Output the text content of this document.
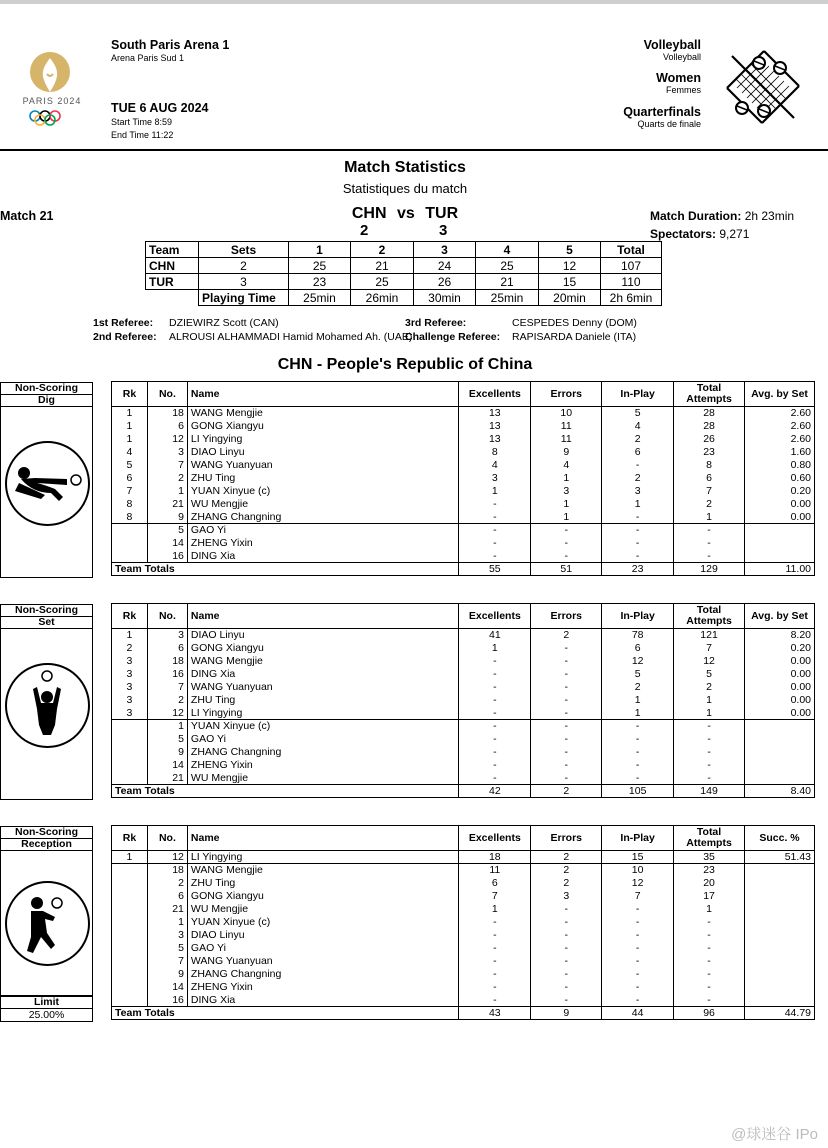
PARIS 2024
South Paris Arena 1
Arena Paris Sud 1
TUE 6 AUG 2024
Start Time 8:59
End Time 11:22
Volleyball
Volleyball
Women
Femmes
Quarterfinals
Quarts de finale
Match Statistics
Statistiques du match
Match 21	CHN vs TUR
2	3
Match Duration: 2h 23min
Spectators: 9,271
Team	Sets	1	2	3	4	5	Total
CHN	2	25	21	24	25	12	107
TUR	3	23	25	26	21	15	110
	Playing Time	25min	26min	30min	25min	20min	2h 6min
1st Referee: DZIEWIRZ Scott (CAN)
2nd Referee: ALROUSI ALHAMMADI Hamid Mohamed Ah. (UAE)
3rd Referee:	CESPEDES Denny (DOM)
Challenge Referee: RAPISARDA Daniele (ITA)
CHN - People's Republic of China
Non-Scoring
Dig	Rk	No.	Name	Excellents	Errors	In-Play	Total Attempts	Avg. by Set
1	18	WANG Mengjie	13	10	5	28	2.60
1	6	GONG Xiangyu	13	11	4	28	2.60
1	12	LI Yingying	13	11	2	26	2.60
4	3	DIAO Linyu	8	9	6	23	1.60
5	7	WANG Yuanyuan	4	4	-	8	0.80
6	2	ZHU Ting	3	1	2	6	0.60
7	1	YUAN Xinyue (c)	1	3	3	7	0.20
8	21	WU Mengjie	-	1	1	2	0.00
8	9	ZHANG Changning	-	1	-	1	0.00
	5	GAO Yi	-	-	-	-	
	14	ZHENG Yixin	-	-	-	-	
	16	DING Xia	-	-	-	-	
Team Totals			55	51	23	129	11.00
Non-Scoring
Set	Rk	No.	Name	Excellents	Errors	In-Play	Total Attempts	Avg. by Set
1	3	DIAO Linyu	41	2	78	121	8.20
2	6	GONG Xiangyu	1	-	6	7	0.20
3	18	WANG Mengjie	-	-	12	12	0.00
3	16	DING Xia	-	-	5	5	0.00
3	7	WANG Yuanyuan	-	-	2	2	0.00
3	2	ZHU Ting	-	-	1	1	0.00
3	12	LI Yingying	-	-	1	1	0.00
	1	YUAN Xinyue (c)	-	-	-	-	
	5	GAO Yi	-	-	-	-	
	9	ZHANG Changning	-	-	-	-	
	14	ZHENG Yixin	-	-	-	-	
	21	WU Mengjie	-	-	-	-	
Team Totals			42	2	105	149	8.40
Non-Scoring
Reception
Limit
25.00%
Rk	No.	Name	Excellents	Errors	In-Play	Total Attempts	Succ. %
1	12	LI Yingying	18	2	15	35	51.43
	18	WANG Mengjie	11	2	10	23	
	2	ZHU Ting	6	2	12	20	
	6	GONG Xiangyu	7	3	7	17	
	21	WU Mengjie	1	-	-	1	
	1	YUAN Xinyue (c)	-	-	-	-	
	3	DIAO Linyu	-	-	-	-	
	5	GAO Yi	-	-	-	-	
	7	WANG Yuanyuan	-	-	-	-	
	9	ZHANG Changning	-	-	-	-	
	14	ZHENG Yixin	-	-	-	-	
	16	DING Xia	-	-	-	-	
Team Totals			43	9	44	96	44.79
@球迷谷 IPo
